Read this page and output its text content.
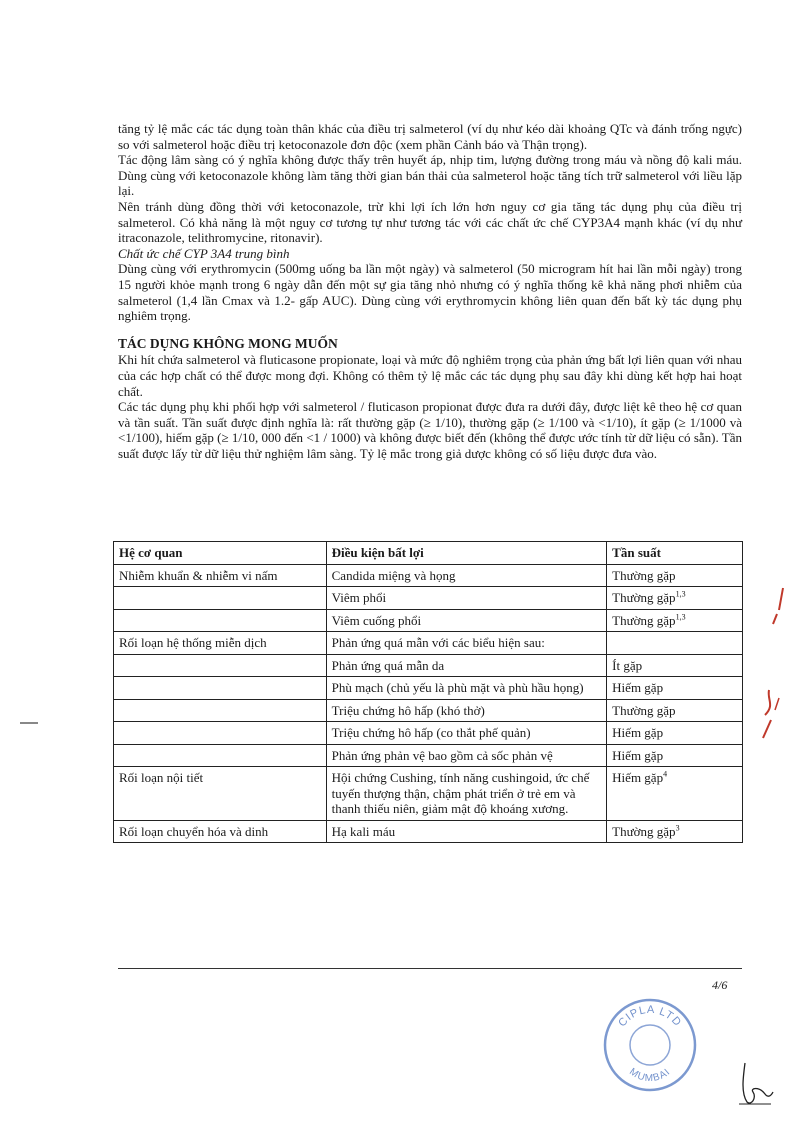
tăng tỷ lệ mắc các tác dụng toàn thân khác của điều trị salmeterol (ví dụ như kéo dài khoảng QTc và đánh trống ngực) so với salmeterol hoặc điều trị ketoconazole đơn độc (xem phần Cảnh báo và Thận trọng).

Tác động lâm sàng có ý nghĩa không được thấy trên huyết áp, nhịp tim, lượng đường trong máu và nồng độ kali máu. Dùng cùng với ketoconazole không làm tăng thời gian bán thải của salmeterol hoặc tăng tích trữ salmeterol với liều lặp lại.

Nên tránh dùng đồng thời với ketoconazole, trừ khi lợi ích lớn hơn nguy cơ gia tăng tác dụng phụ của điều trị salmeterol. Có khả năng là một nguy cơ tương tự như tương tác với các chất ức chế CYP3A4 mạnh khác (ví dụ như itraconazole, telithromycine, ritonavir).

Chất ức chế CYP 3A4 trung bình

Dùng cùng với erythromycin (500mg uống ba lần một ngày) và salmeterol (50 microgram hít hai lần mỗi ngày) trong 15 người khỏe mạnh trong 6 ngày dẫn đến một sự gia tăng nhỏ nhưng có ý nghĩa thống kê khả năng phơi nhiễm của salmeterol (1,4 lần Cmax và 1.2- gấp AUC). Dùng cùng với erythromycin không liên quan đến bất kỳ tác dụng phụ nghiêm trọng.

TÁC DỤNG KHÔNG MONG MUỐN

Khi hít chứa salmeterol và fluticasone propionate, loại và mức độ nghiêm trọng của phản ứng bất lợi liên quan với nhau của các hợp chất có thể được mong đợi. Không có thêm tỷ lệ mắc các tác dụng phụ sau đây khi dùng kết hợp hai hoạt chất.

Các tác dụng phụ khi phối hợp với salmeterol / fluticason propionat được đưa ra dưới đây, được liệt kê theo hệ cơ quan và tần suất. Tần suất được định nghĩa là: rất thường gặp (≥ 1/10), thường gặp (≥ 1/100 và <1/10), ít gặp (≥ 1/1000 và <1/100), hiếm gặp (≥ 1/10, 000 đến <1 / 1000) và không được biết đến (không thể được ước tính từ dữ liệu có sẵn). Tần suất được lấy từ dữ liệu thử nghiệm lâm sàng. Tỷ lệ mắc trong giả dược không có số liệu được đưa vào.

Hệ cơ quan	Điều kiện bất lợi	Tần suất
Nhiễm khuẩn & nhiễm vi nấm	Candida miệng và họng	Thường gặp
	Viêm phổi	Thường gặp$^{1,3}$
	Viêm cuống phổi	Thường gặp$^{1,3}$
Rối loạn hệ thống miễn dịch	Phản ứng quá mẫn với các biểu hiện sau:	
	Phản ứng quá mẫn da	Ít gặp
	Phù mạch (chủ yếu là phù mặt và phù hầu họng)	Hiếm gặp
	Triệu chứng hô hấp (khó thở)	Thường gặp
	Triệu chứng hô hấp (co thắt phế quản)	Hiếm gặp
	Phản ứng phản vệ bao gồm cả sốc phản vệ	Hiếm gặp
Rối loạn nội tiết	Hội chứng Cushing, tính năng cushingoid, ức chế tuyến thượng thận, chậm phát triển ở trẻ em và thanh thiếu niên, giảm mật độ khoáng xương.	Hiếm gặp$^4$
Rối loạn chuyển hóa và dinh	Hạ kali máu	Thường gặp$^3$
4/6
CIPLA LTD
MUMBAI
